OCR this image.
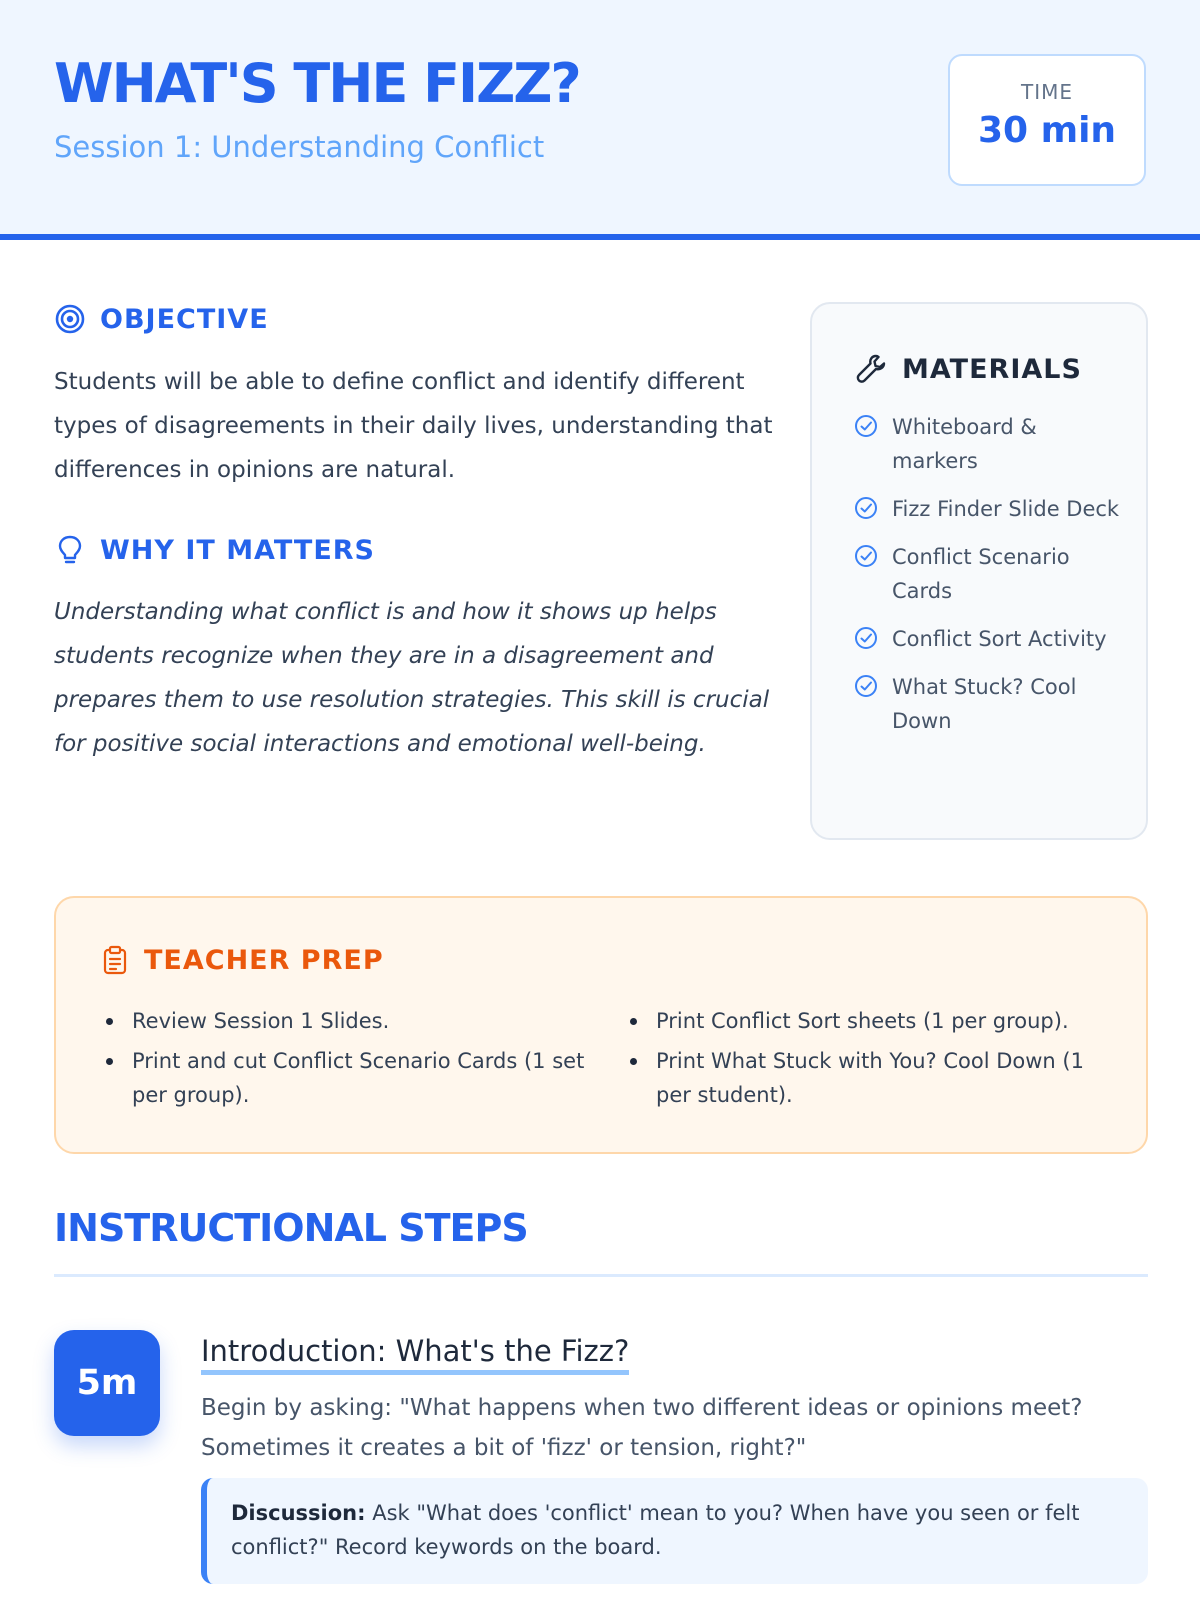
WHAT'S THE FIZZ?
Session 1: Understanding Conflict
TIME
30 min
OBJECTIVE
Students will be able to define conflict and identify different types of disagreements in their daily lives, understanding that differences in opinions are natural.
WHY IT MATTERS
Understanding what conflict is and how it shows up helps students recognize when they are in a disagreement and prepares them to use resolution strategies. This skill is crucial for positive social interactions and emotional well-being.
MATERIALS
Whiteboard & markers
Fizz Finder Slide Deck
Conflict Scenario Cards
Conflict Sort Activity
What Stuck? Cool Down
TEACHER PREP
Review Session 1 Slides.
Print and cut Conflict Scenario Cards (1 set per group).
Print Conflict Sort sheets (1 per group).
Print What Stuck with You? Cool Down (1 per student).
INSTRUCTIONAL STEPS
5m
Introduction: What's the Fizz?
Begin by asking: "What happens when two different ideas or opinions meet? Sometimes it creates a bit of 'fizz' or tension, right?"
Discussion: Ask "What does 'conflict' mean to you? When have you seen or felt conflict?" Record keywords on the board.
